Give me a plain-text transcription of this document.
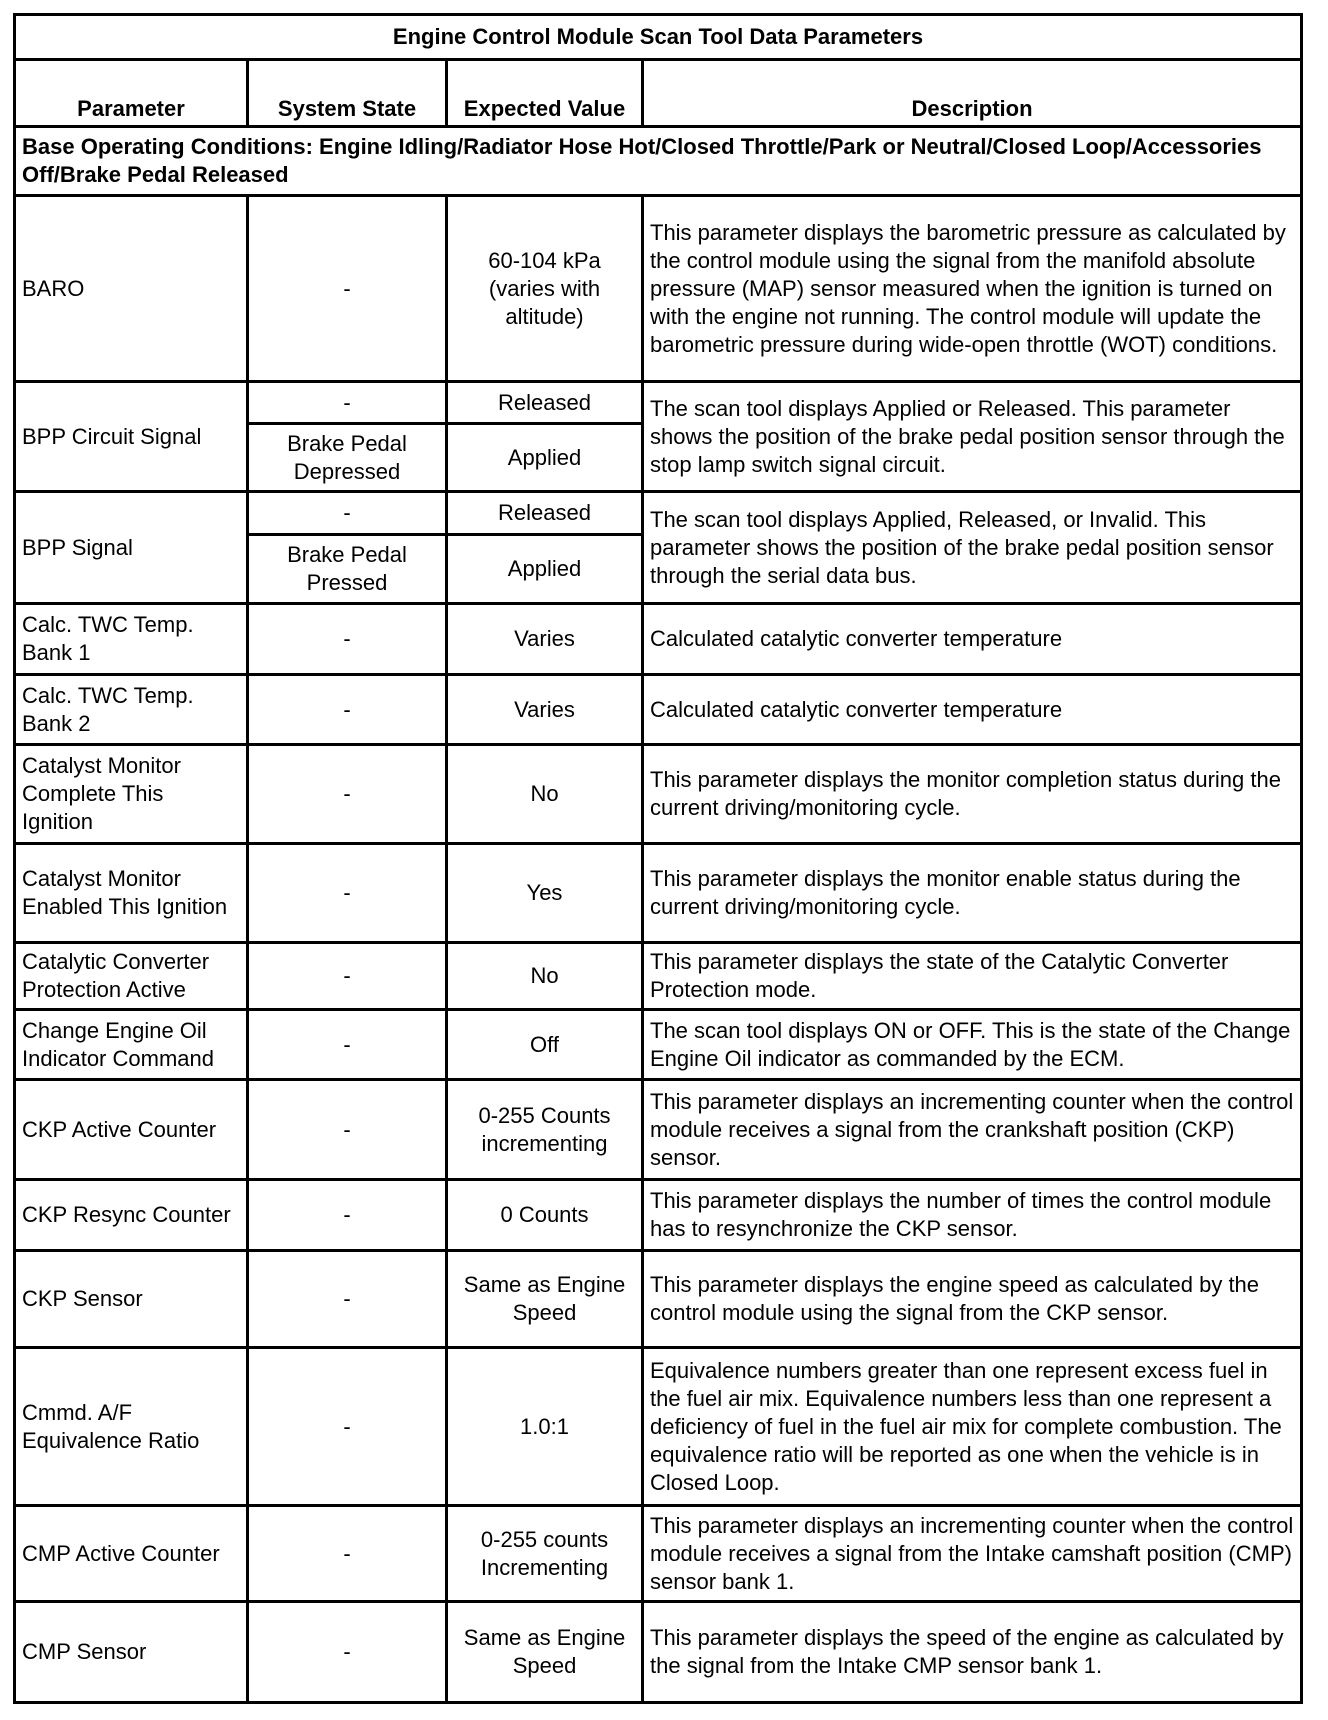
Engine Control Module Scan Tool Data Parameters			
Parameter	System State	Expected Value	Description
Base Operating Conditions: Engine Idling/Radiator Hose Hot/Closed Throttle/Park or Neutral/Closed Loop/Accessories Off/Brake Pedal Released			
BARO	-	60-104 kPa (varies with altitude)	This parameter displays the barometric pressure as calculated by the control module using the signal from the manifold absolute pressure (MAP) sensor measured when the ignition is turned on with the engine not running. The control module will update the barometric pressure during wide-open throttle (WOT) conditions.
BPP Circuit Signal	-	Released	The scan tool displays Applied or Released. This parameter shows the position of the brake pedal position sensor through the stop lamp switch signal circuit.
	Brake Pedal Depressed	Applied	
BPP Signal	-	Released	The scan tool displays Applied, Released, or Invalid. This parameter shows the position of the brake pedal position sensor through the serial data bus.
	Brake Pedal Pressed	Applied	
Calc. TWC Temp. Bank 1	-	Varies	Calculated catalytic converter temperature
Calc. TWC Temp. Bank 2	-	Varies	Calculated catalytic converter temperature
Catalyst Monitor Complete This Ignition	-	No	This parameter displays the monitor completion status during the current driving/monitoring cycle.
Catalyst Monitor Enabled This Ignition	-	Yes	This parameter displays the monitor enable status during the current driving/monitoring cycle.
Catalytic Converter Protection Active	-	No	This parameter displays the state of the Catalytic Converter Protection mode.
Change Engine Oil Indicator Command	-	Off	The scan tool displays ON or OFF. This is the state of the Change Engine Oil indicator as commanded by the ECM.
CKP Active Counter	-	0-255 Counts incrementing	This parameter displays an incrementing counter when the control module receives a signal from the crankshaft position (CKP) sensor.
CKP Resync Counter	-	0 Counts	This parameter displays the number of times the control module has to resynchronize the CKP sensor.
CKP Sensor	-	Same as Engine Speed	This parameter displays the engine speed as calculated by the control module using the signal from the CKP sensor.
Cmmd. A/F Equivalence Ratio	-	1.0:1	Equivalence numbers greater than one represent excess fuel in the fuel air mix. Equivalence numbers less than one represent a deficiency of fuel in the fuel air mix for complete combustion. The equivalence ratio will be reported as one when the vehicle is in Closed Loop.
CMP Active Counter	-	0-255 counts Incrementing	This parameter displays an incrementing counter when the control module receives a signal from the Intake camshaft position (CMP) sensor bank 1.
CMP Sensor	-	Same as Engine Speed	This parameter displays the speed of the engine as calculated by the signal from the Intake CMP sensor bank 1.
